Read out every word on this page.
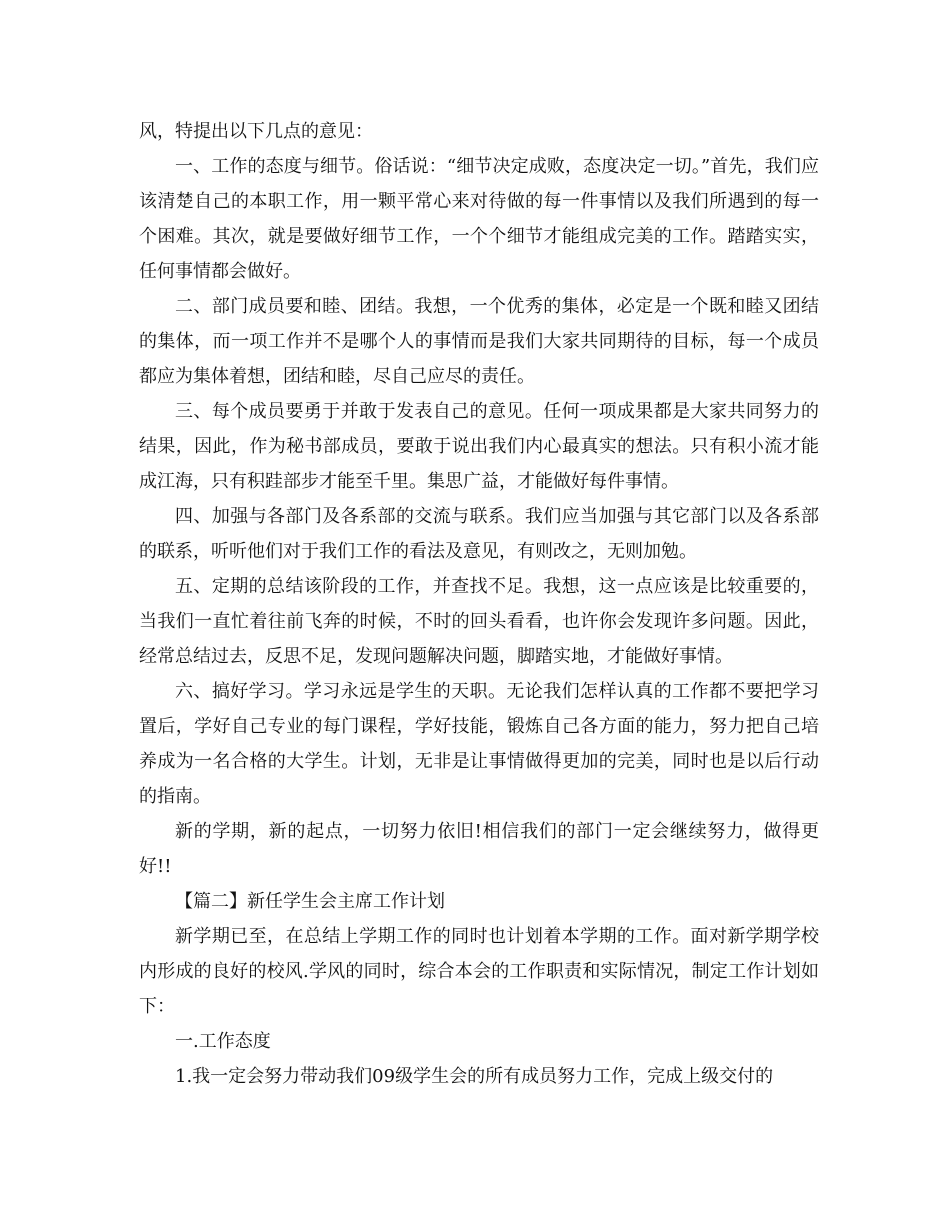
风，特提出以下几点的意见：

一、工作的态度与细节。俗话说：“细节决定成败，态度决定一切。”首先，我们应该清楚自己的本职工作，用一颗平常心来对待做的每一件事情以及我们所遇到的每一个困难。其次，就是要做好细节工作，一个个细节才能组成完美的工作。踏踏实实，任何事情都会做好。

二、部门成员要和睦、团结。我想，一个优秀的集体，必定是一个既和睦又团结的集体，而一项工作并不是哪个人的事情而是我们大家共同期待的目标，每一个成员都应为集体着想，团结和睦，尽自己应尽的责任。

三、每个成员要勇于并敢于发表自己的意见。任何一项成果都是大家共同努力的结果，因此，作为秘书部成员，要敢于说出我们内心最真实的想法。只有积小流才能成江海，只有积跬部步才能至千里。集思广益，才能做好每件事情。

四、加强与各部门及各系部的交流与联系。我们应当加强与其它部门以及各系部的联系，听听他们对于我们工作的看法及意见，有则改之，无则加勉。

五、定期的总结该阶段的工作，并查找不足。我想，这一点应该是比较重要的，当我们一直忙着往前飞奔的时候，不时的回头看看，也许你会发现许多问题。因此，经常总结过去，反思不足，发现问题解决问题，脚踏实地，才能做好事情。

六、搞好学习。学习永远是学生的天职。无论我们怎样认真的工作都不要把学习置后，学好自己专业的每门课程，学好技能，锻炼自己各方面的能力，努力把自己培养成为一名合格的大学生。计划，无非是让事情做得更加的完美，同时也是以后行动的指南。

新的学期，新的起点，一切努力依旧!相信我们的部门一定会继续努力，做得更好!!

【篇二】新任学生会主席工作计划

新学期已至，在总结上学期工作的同时也计划着本学期的工作。面对新学期学校内形成的良好的校风.学风的同时，综合本会的工作职责和实际情况，制定工作计划如下：

一.工作态度

1.我一定会努力带动我们09级学生会的所有成员努力工作，完成上级交付的
